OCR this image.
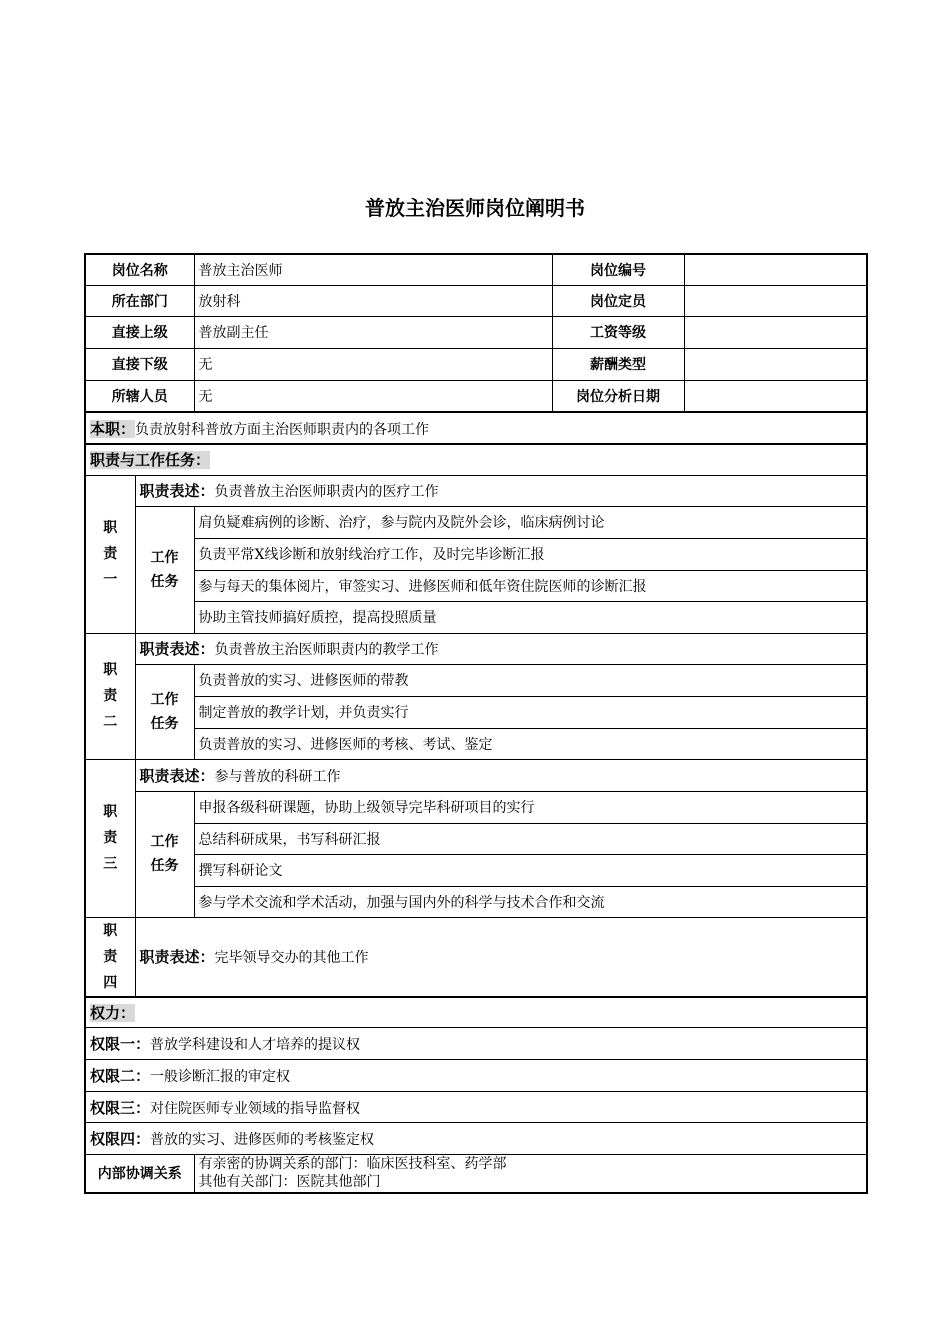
普放主治医师岗位阐明书
岗位名称		普放主治医师	岗位编号	
所在部门		放射科	岗位定员	
直接上级		普放副主任	工资等级	
直接下级		无	薪酬类型	
所辖人员		无	岗位分析日期	
本职：负责放射科普放方面主治医师职责内的各项工作				
职责与工作任务：				
职
责
一	职责表述：负责普放主治医师职责内的医疗工作			
	工作
任务	肩负疑难病例的诊断、治疗，参与院内及院外会诊，临床病例讨论		
		负责平常X线诊断和放射线治疗工作，及时完毕诊断汇报		
		参与每天的集体阅片，审签实习、进修医师和低年资住院医师的诊断汇报		
		协助主管技师搞好质控，提高投照质量		
职
责
二	职责表述：负责普放主治医师职责内的教学工作			
	工作
任务	负责普放的实习、进修医师的带教		
		制定普放的教学计划，并负责实行		
		负责普放的实习、进修医师的考核、考试、鉴定		
职
责
三	职责表述：参与普放的科研工作			
	工作
任务	申报各级科研课题，协助上级领导完毕科研项目的实行		
		总结科研成果，书写科研汇报		
		撰写科研论文		
		参与学术交流和学术活动，加强与国内外的科学与技术合作和交流		
职
责
四	职责表述：完毕领导交办的其他工作			
权力：				
权限一：普放学科建设和人才培养的提议权				
权限二：一般诊断汇报的审定权				
权限三：对住院医师专业领域的指导监督权				
权限四：普放的实习、进修医师的考核鉴定权				
内部协调关系		有亲密的协调关系的部门：临床医技科室、药学部
其他有关部门：医院其他部门		
